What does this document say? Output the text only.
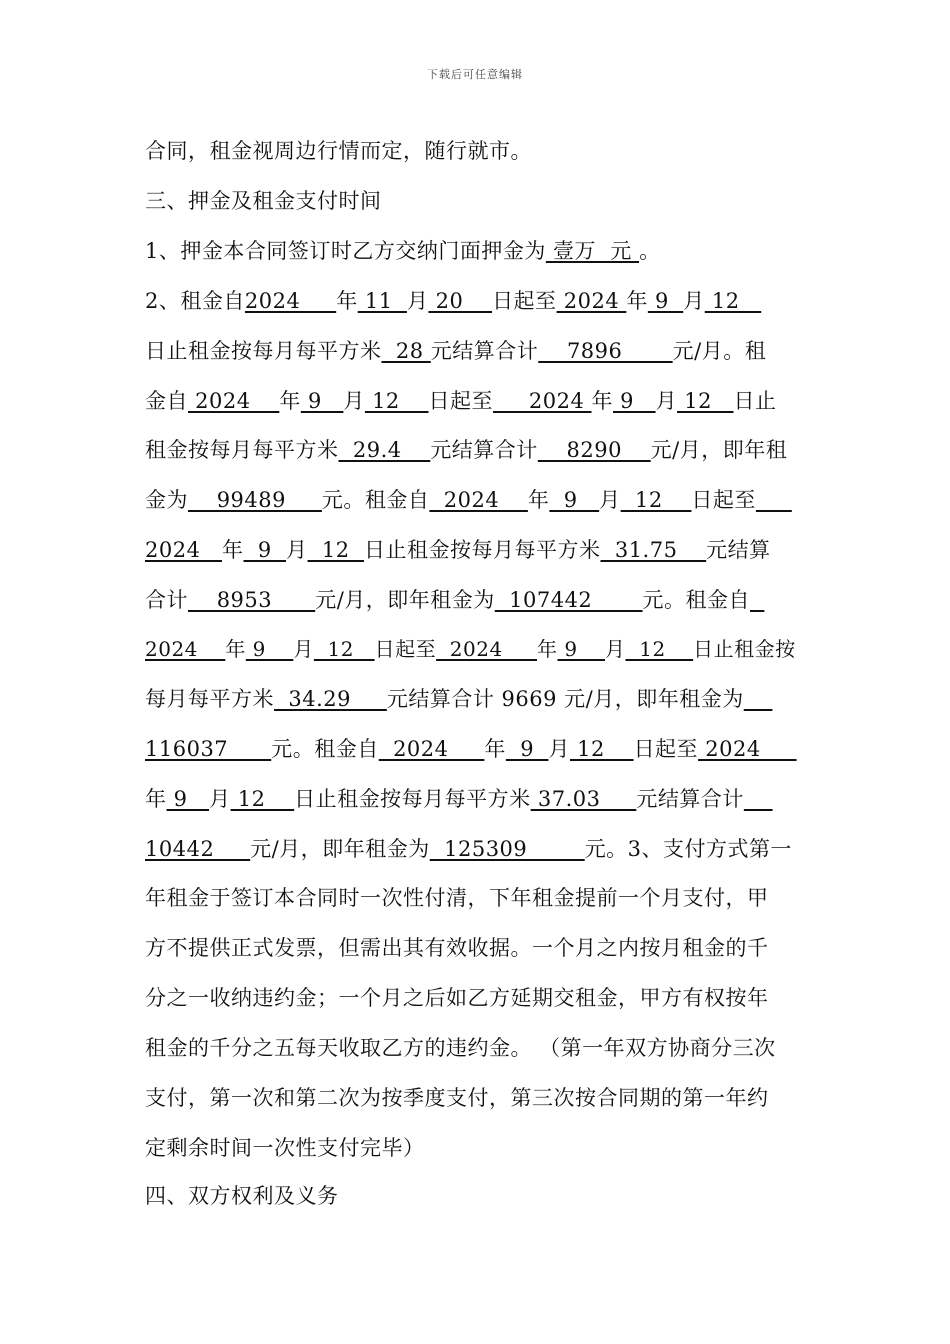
下载后可任意编辑
合同，租金视周边行情而定，随行就市。
三、押金及租金支付时间
1、押金本合同签订时乙方交纳门面押金为 壹万  元 。
2、租金自2024     年 11  月 20    日起至 2024 年 9  月 12
日止租金按每月每平方米  28 元结算合计    7896       元/月。租
金自 2024    年 9   月 12    日起至     2024 年 9   月 12   日止
租金按每月每平方米  29.4    元结算合计    8290    元/月，即年租
金为    99489     元。租金自  2024    年  9   月  12    日起至
2024   年  9  月  12  日止租金按每月每平方米  31.75    元结算
合计    8953      元/月，即年租金为  107442       元。租金自
2024    年 9    月  12   日起至  2024     年 9    月  12    日止租金按
每月每平方米  34.29     元结算合计 9669 元/月，即年租金为
116037      元。租金自  2024     年  9  月 12    日起至 2024
年 9   月 12    日止租金按每月每平方米 37.03     元结算合计
10442     元/月，即年租金为  125309        元。3、支付方式第一
年租金于签订本合同时一次性付清，下年租金提前一个月支付，甲
方不提供正式发票，但需出其有效收据。一个月之内按月租金的千
分之一收纳违约金；一个月之后如乙方延期交租金，甲方有权按年
租金的千分之五每天收取乙方的违约金。 （第一年双方协商分三次
支付，第一次和第二次为按季度支付，第三次按合同期的第一年约
定剩余时间一次性支付完毕）
四、双方权利及义务
